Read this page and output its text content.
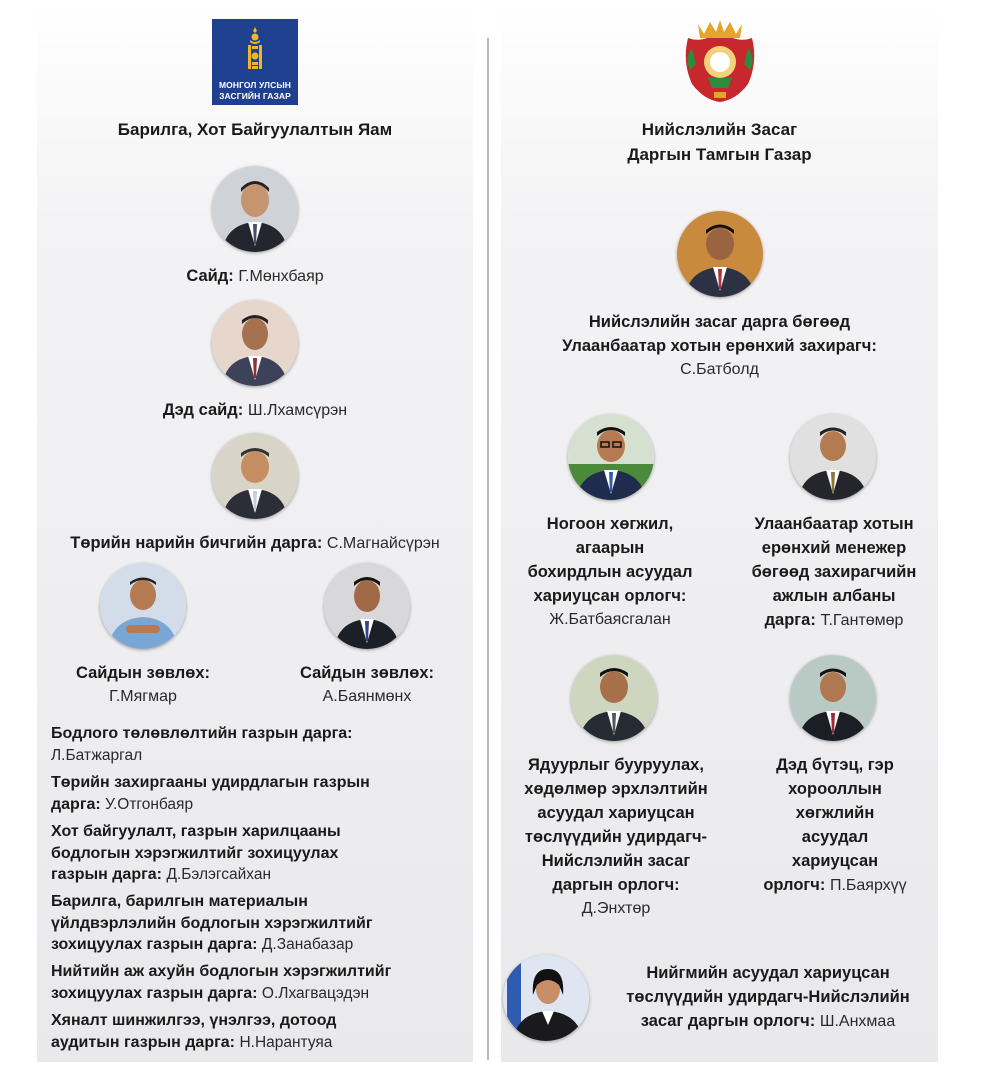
МОНГОЛ УЛСЫН
ЗАСГИЙН ГАЗАР
Барилга, Хот Байгуулалтын Яам	Нийслэлийн Засаг
Даргын Тамгын Газар
Сайд: Г.Мөнхбаяр
Дэд сайд: Ш.Лхамсүрэн
Төрийн нарийн бичгийн дарга: С.Магнайсүрэн
Сайдын зөвлөх:
Г.Мягмар
Сайдын зөвлөх:
А.Баянмөнх
Бодлого төлөвлөлтийн газрын дарга:
Л.Батжаргал
Төрийн захиргааны удирдлагын газрын
дарга: У.Отгонбаяр
Хот байгуулалт, газрын харилцааны
бодлогын хэрэгжилтийг зохицуулах
газрын дарга: Д.Бэлэгсайхан
Барилга, барилгын материалын
үйлдвэрлэлийн бодлогын хэрэгжилтийг
зохицуулах газрын дарга: Д.Занабазар
Нийтийн аж ахуйн бодлогын хэрэгжилтийг
зохицуулах газрын дарга: О.Лхагвацэдэн
Хяналт шинжилгээ, үнэлгээ, дотоод
аудитын газрын дарга: Н.Нарантуяа
Нийслэлийн засаг дарга бөгөөд
Улаанбаатар хотын ерөнхий захирагч:
С.Батболд
Ногоон хөгжил,
агаарын
бохирдлын асуудал
хариуцсан орлогч:
Ж.Батбаясгалан
Улаанбаатар хотын
ерөнхий менежер
бөгөөд захирагчийн
ажлын албаны
дарга: Т.Гантөмөр
Ядуурлыг бууруулах,
хөдөлмөр эрхлэлтийн
асуудал хариуцсан
төслүүдийн удирдагч-
Нийслэлийн засаг
даргын орлогч:
Д.Энхтөр
Дэд бүтэц, гэр
хорооллын
хөгжлийн
асуудал
хариуцсан
орлогч: П.Баярхүү
Нийгмийн асуудал хариуцсан
төслүүдийн удирдагч-Нийслэлийн
засаг даргын орлогч: Ш.Анхмаа
